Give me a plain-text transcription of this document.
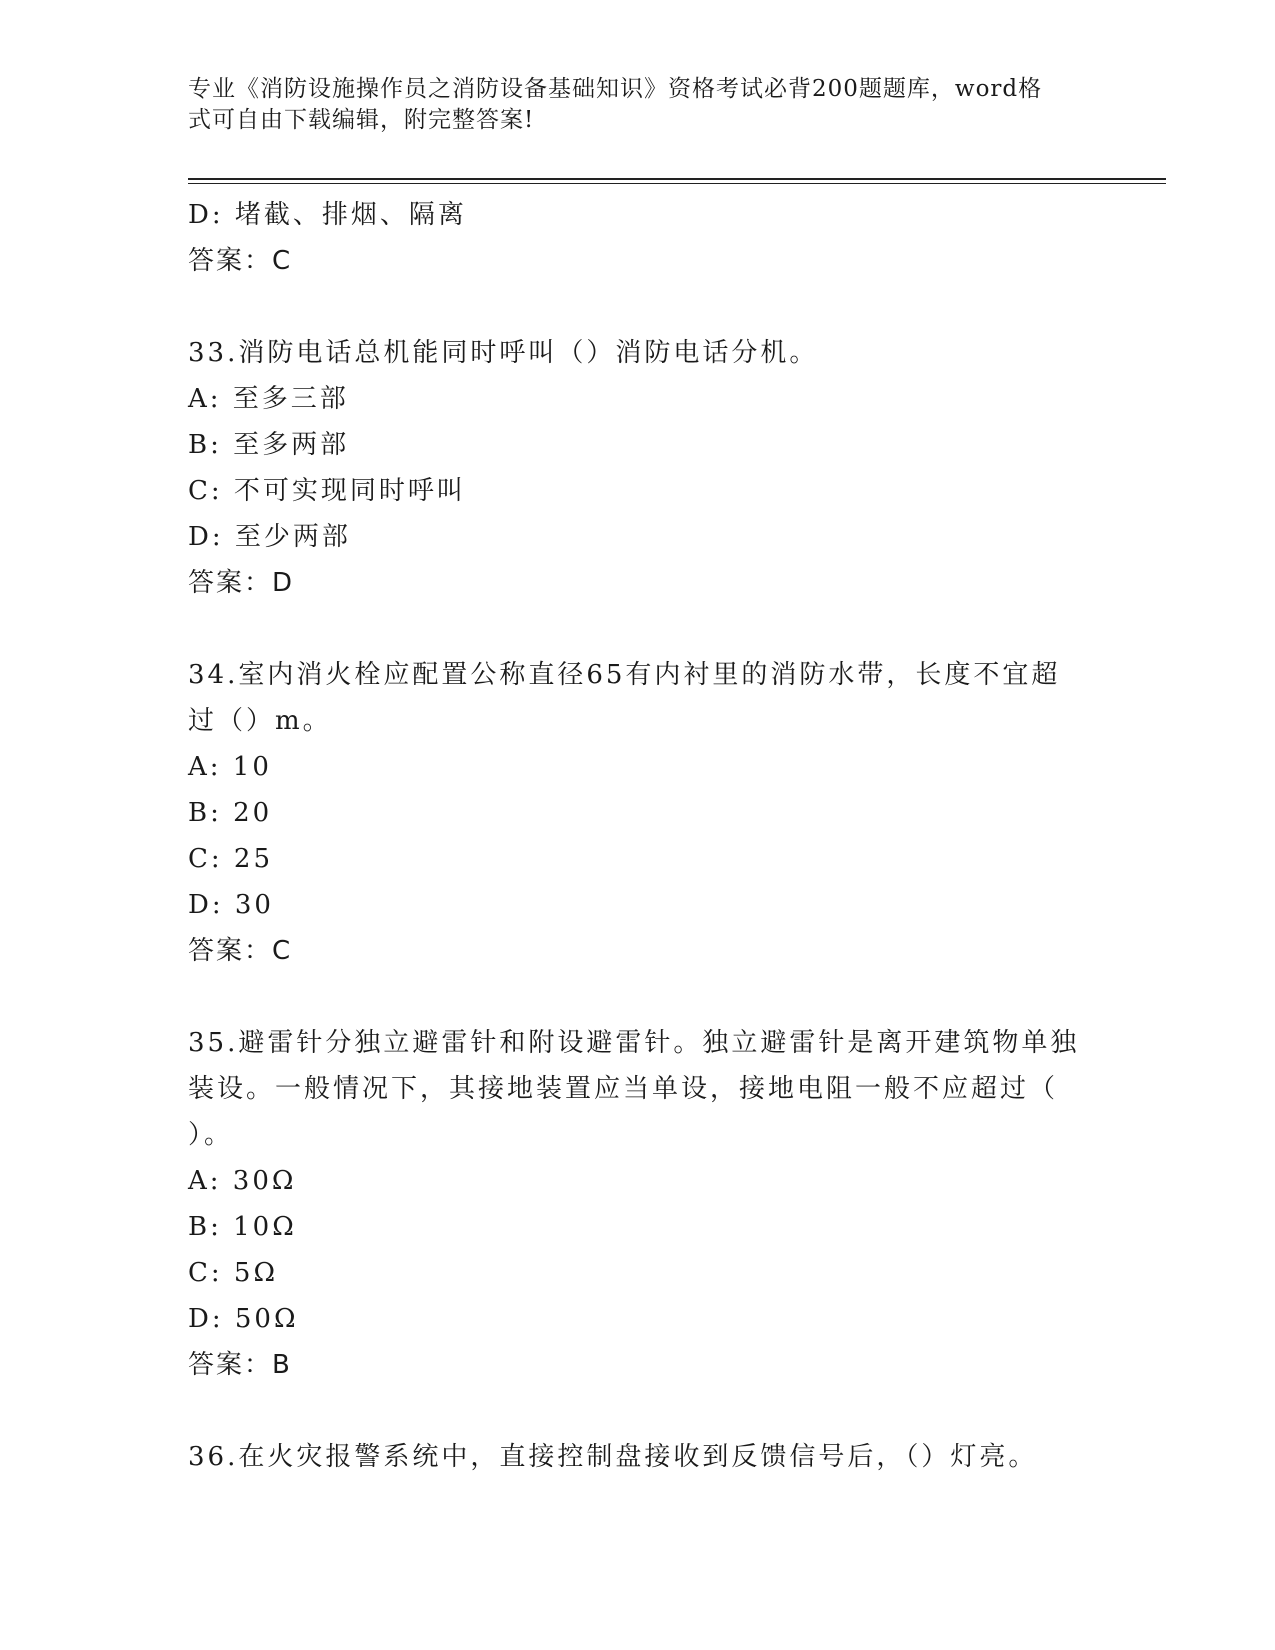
专业《消防设施操作员之消防设备基础知识》资格考试必背200题题库，word格
式可自由下载编辑，附完整答案!
D: 堵截、排烟、隔离
答案：C
33.消防电话总机能同时呼叫（）消防电话分机。
A: 至多三部
B: 至多两部
C: 不可实现同时呼叫
D: 至少两部
答案：D
34.室内消火栓应配置公称直径65有内衬里的消防水带，长度不宜超
过（）m。
A: 10
B: 20
C: 25
D: 30
答案：C
35.避雷针分独立避雷针和附设避雷针。独立避雷针是离开建筑物单独
装设。一般情况下，其接地装置应当单设，接地电阻一般不应超过（
）。
A: 30Ω
B: 10Ω
C: 5Ω
D: 50Ω
答案：B
36.在火灾报警系统中，直接控制盘接收到反馈信号后，（）灯亮。
